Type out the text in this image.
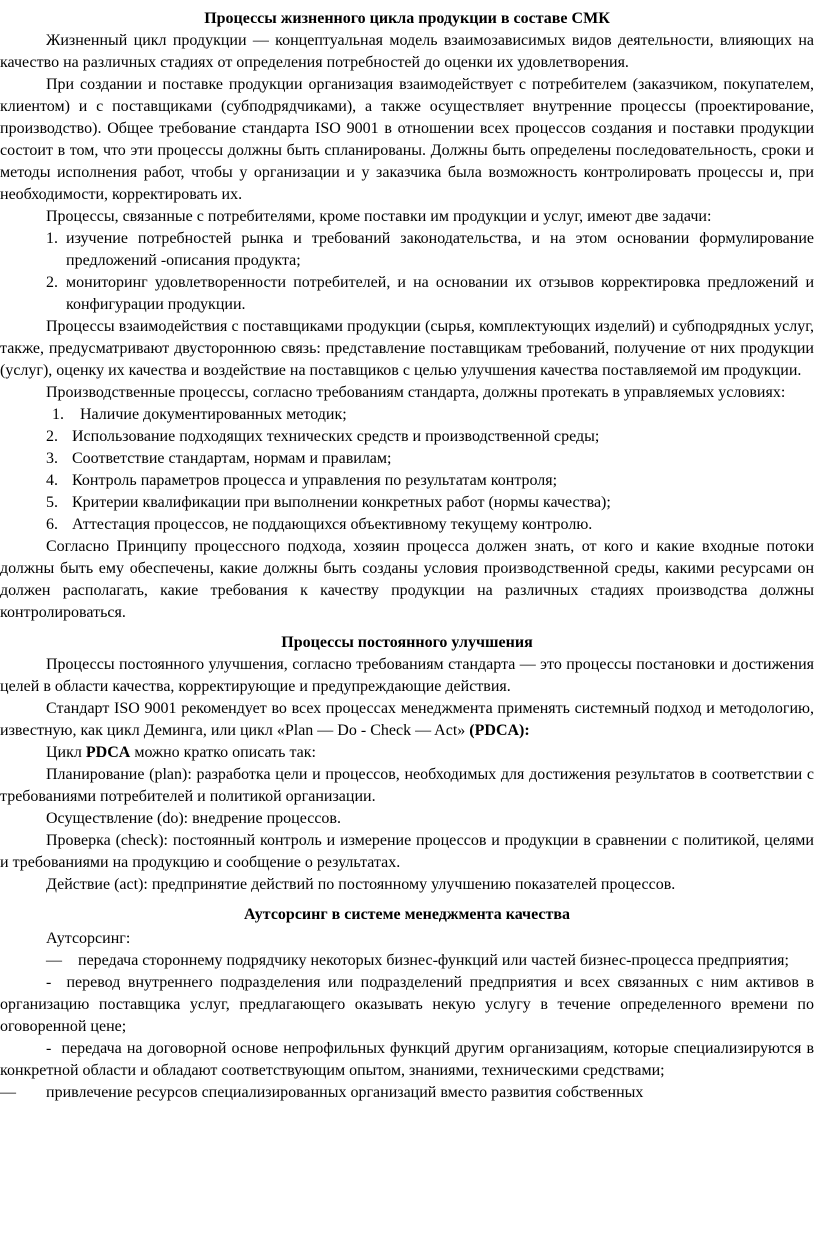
Процессы жизненного цикла продукции в составе СМК

Жизненный цикл продукции — концептуальная модель взаимозависимых видов деятельности, влияющих на качество на различных стадиях от определения потребностей до оценки их удовлетворения.

При создании и поставке продукции организация взаимодействует с потребителем (заказчиком, покупателем, клиентом) и с поставщиками (субподрядчиками), а также осуществляет внутренние процессы (проектирование, производство). Общее требование стандарта ISO 9001 в отношении всех процессов создания и поставки продукции состоит в том, что эти процессы должны быть спланированы. Должны быть определены последовательность, сроки и методы исполнения работ, чтобы у организации и у заказчика была возможность контролировать процессы и, при необходимости, корректировать их.

Процессы, связанные с потребителями, кроме поставки им продукции и услуг, имеют две задачи:

1. изучение потребностей рынка и требований законодательства, и на этом основании формулирование предложений -описания продукта;
2. мониторинг удовлетворенности потребителей, и на основании их отзывов корректировка предложений и конфигурации продукции.

Процессы взаимодействия с поставщиками продукции (сырья, комплектующих изделий) и субподрядных услуг, также, предусматривают двустороннюю связь: представление поставщикам требований, получение от них продукции (услуг), оценку их качества и воздействие на поставщиков с целью улучшения качества поставляемой им продукции.

Производственные процессы, согласно требованиям стандарта, должны протекать в управляемых условиях:

1. Наличие документированных методик;
2. Использование подходящих технических средств и производственной среды;
3. Соответствие стандартам, нормам и правилам;
4. Контроль параметров процесса и управления по результатам контроля;
5. Критерии квалификации при выполнении конкретных работ (нормы качества);
6. Аттестация процессов, не поддающихся объективному текущему контролю.

Согласно Принципу процессного подхода, хозяин процесса должен знать, от кого и какие входные потоки должны быть ему обеспечены, какие должны быть созданы условия производственной среды, какими ресурсами он должен располагать, какие требования к качеству продукции на различных стадиях производства должны контролироваться.

Процессы постоянного улучшения

Процессы постоянного улучшения, согласно требованиям стандарта — это процессы постановки и достижения целей в области качества, корректирующие и предупреждающие действия.

Стандарт ISO 9001 рекомендует во всех процессах менеджмента применять системный подход и методологию, известную, как цикл Деминга, или цикл «Plan — Do - Check — Act» (PDCA):

Цикл PDCA можно кратко описать так:

Планирование (plan): разработка цели и процессов, необходимых для достижения результатов в соответствии с требованиями потребителей и политикой организации.

Осуществление (do): внедрение процессов.

Проверка (check): постоянный контроль и измерение процессов и продукции в сравнении с политикой, целями и требованиями на продукцию и сообщение о результатах.

Действие (act): предпринятие действий по постоянному улучшению показателей процессов.

Аутсорсинг в системе менеджмента качества

Аутсорсинг:

— передача стороннему подрядчику некоторых бизнес-функций или частей бизнес-процесса предприятия;

- перевод внутреннего подразделения или подразделений предприятия и всех связанных с ним активов в организацию поставщика услуг, предлагающего оказывать некую услугу в течение определенного времени по оговоренной цене;

- передача на договорной основе непрофильных функций другим организациям, которые специализируются в конкретной области и обладают соответствующим опытом, знаниями, техническими средствами;

— привлечение ресурсов специализированных организаций вместо развития собственных
